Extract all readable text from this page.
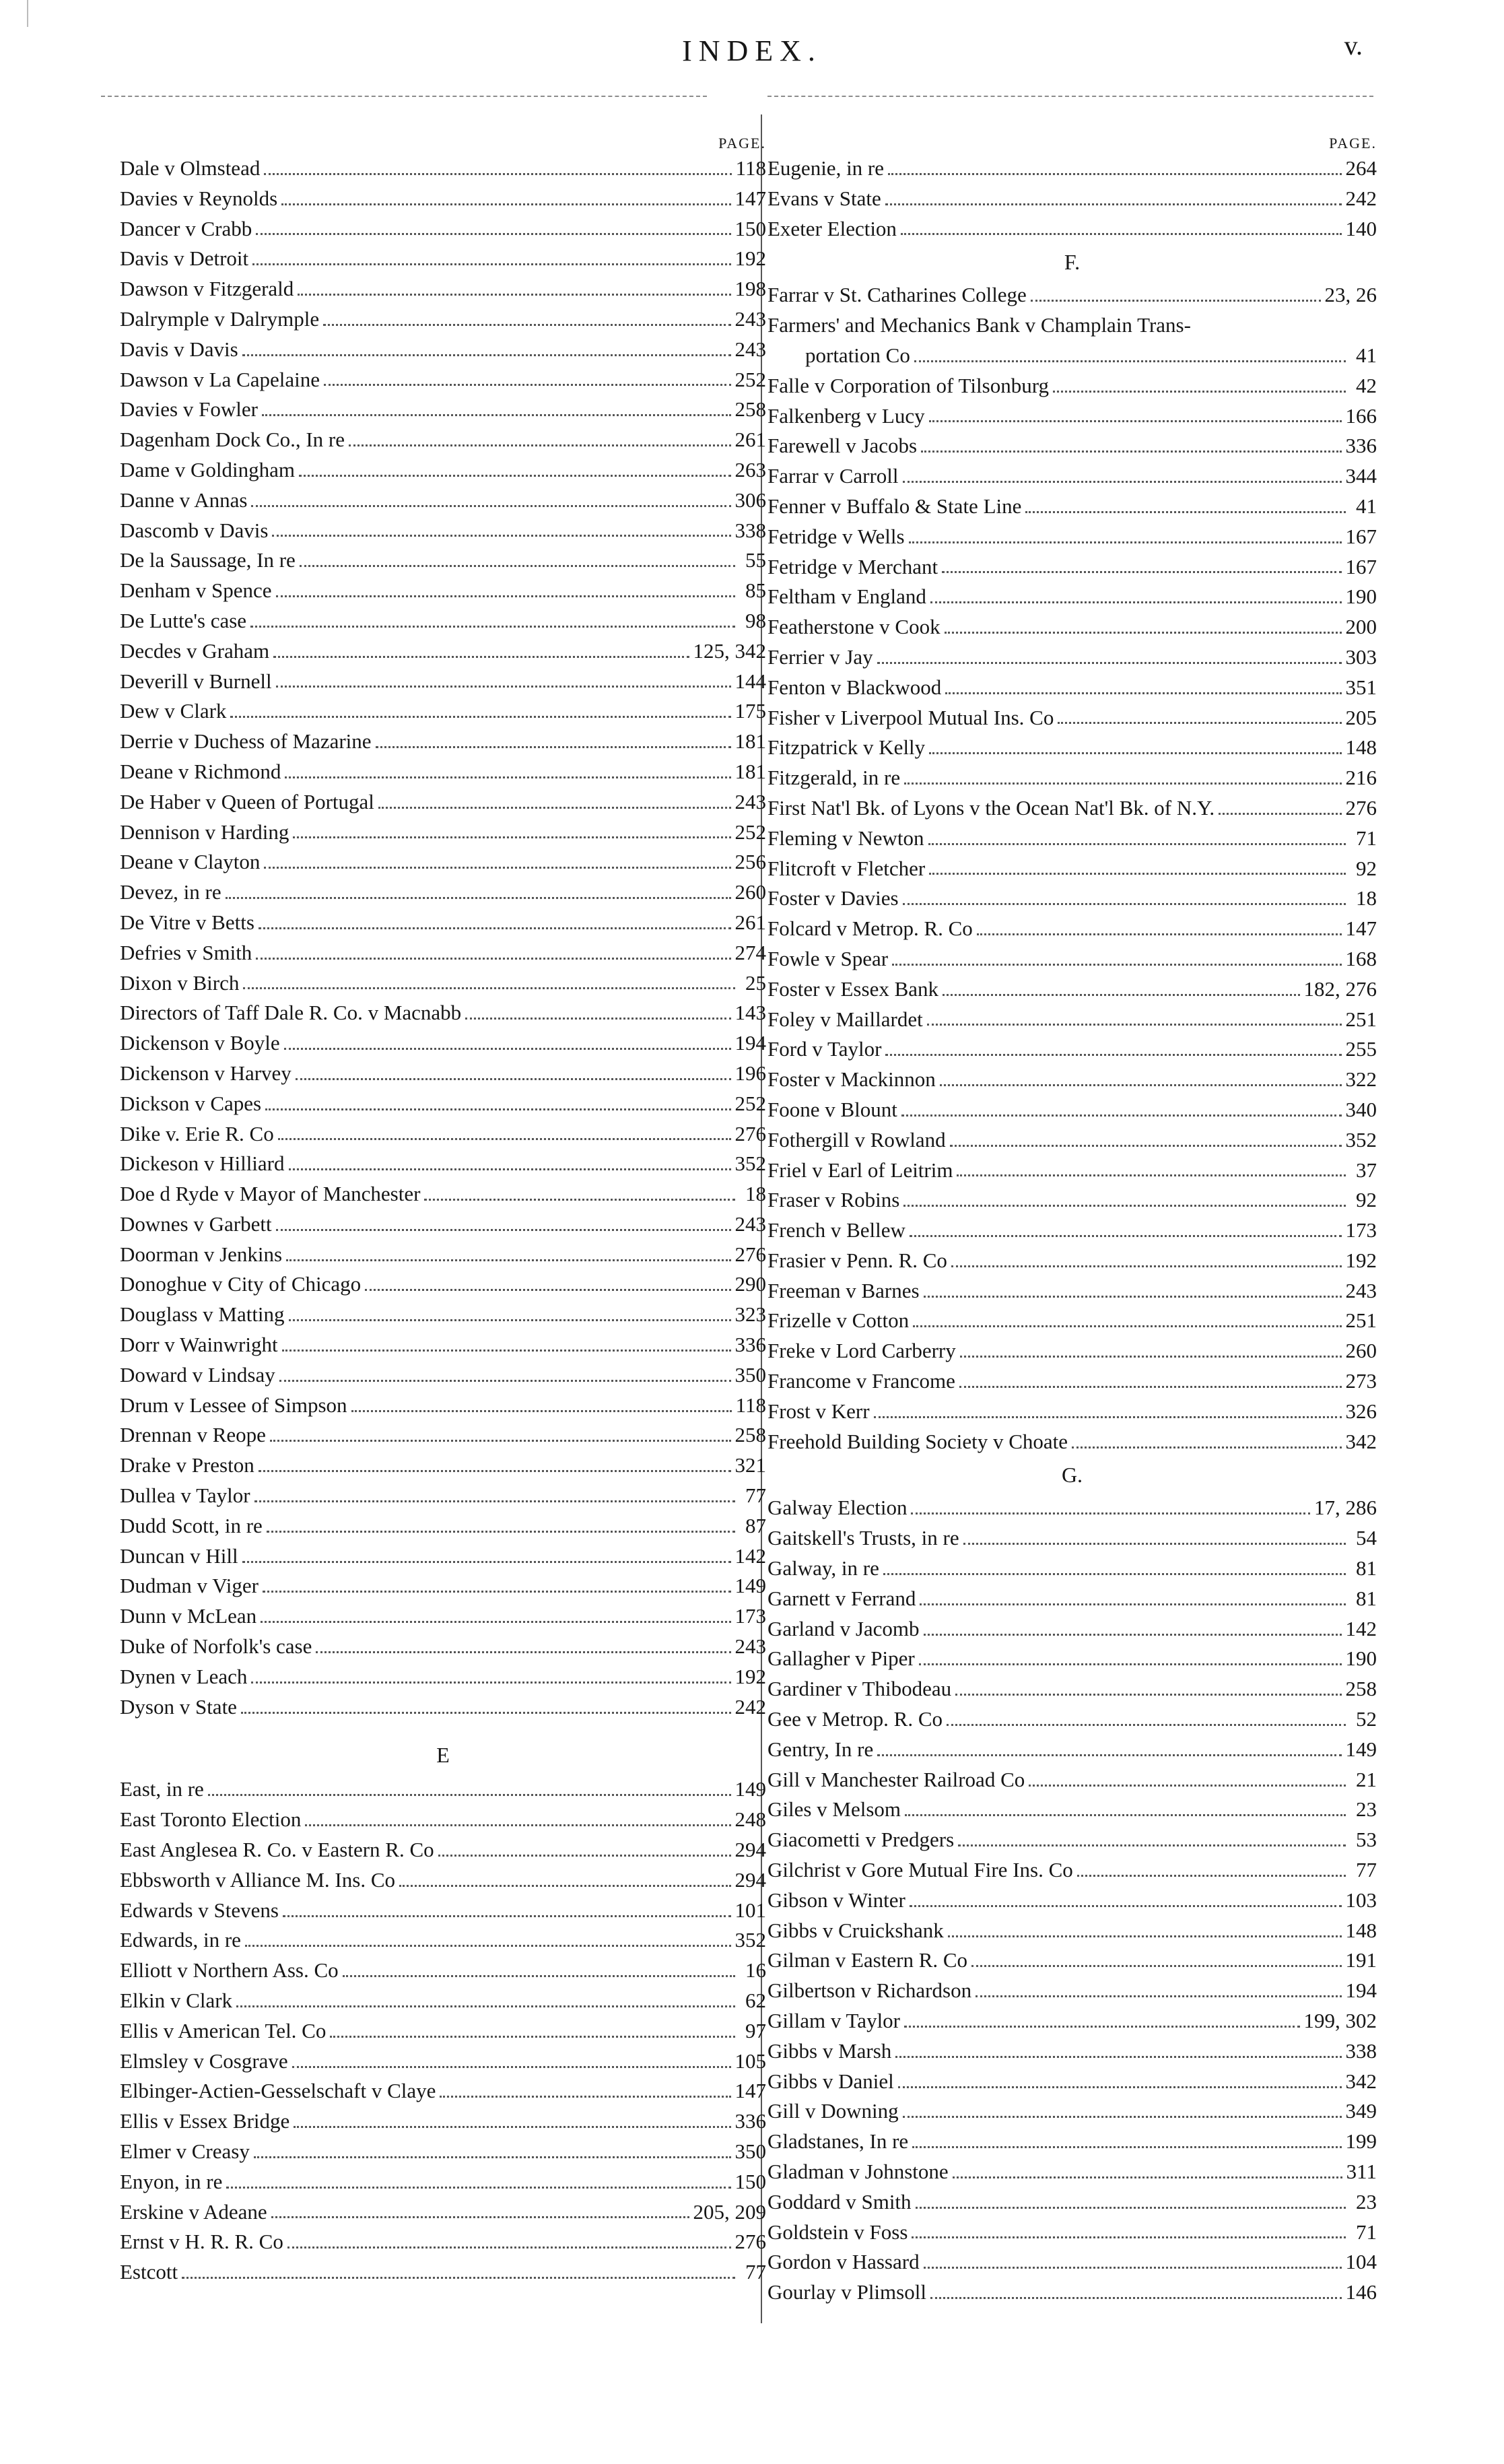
INDEX.	v.
PAGE.
Dale v Olmstead	118
Davies v Reynolds	147
Dancer v Crabb	150
Davis v Detroit	192
Dawson v Fitzgerald	198
Dalrymple v Dalrymple	243
Davis v Davis	243
Dawson v La Capelaine	252
Davies v Fowler	258
Dagenham Dock Co., In re	261
Dame v Goldingham	263
Danne v Annas	306
Dascomb v Davis	338
De la Saussage, In re	55
Denham v Spence	85
De Lutte's case	98
Decdes v Graham	125, 342
Deverill v Burnell	144
Dew v Clark	175
Derrie v Duchess of Mazarine	181
Deane v Richmond	181
De Haber v Queen of Portugal	243
Dennison v Harding	252
Deane v Clayton	256
Devez, in re	260
De Vitre v Betts	261
Defries v Smith	274
Dixon v Birch	25
Directors of Taff Dale R. Co. v Macnabb	143
Dickenson v Boyle	194
Dickenson v Harvey	196
Dickson v Capes	252
Dike v. Erie R. Co	276
Dickeson v Hilliard	352
Doe d Ryde v Mayor of Manchester	18
Downes v Garbett	243
Doorman v Jenkins	276
Donoghue v City of Chicago	290
Douglass v Matting	323
Dorr v Wainwright	336
Doward v Lindsay	350
Drum v Lessee of Simpson	118
Drennan v Reope	258
Drake v Preston	321
Dullea v Taylor	77
Dudd Scott, in re	87
Duncan v Hill	142
Dudman v Viger	149
Dunn v McLean	173
Duke of Norfolk's case	243
Dynen v Leach	192
Dyson v State	242
E
East, in re	149
East Toronto Election	248
East Anglesea R. Co. v Eastern R. Co	294
Ebbsworth v Alliance M. Ins. Co	294
Edwards v Stevens	101
Edwards, in re	352
Elliott v Northern Ass. Co	16
Elkin v Clark	62
Ellis v American Tel. Co	97
Elmsley v Cosgrave	105
Elbinger-Actien-Gesselschaft v Claye	147
Ellis v Essex Bridge	336
Elmer v Creasy	350
Enyon, in re	150
Erskine v Adeane	205, 209
Ernst v H. R. R. Co	276
Estcott	77
PAGE.
Eugenie, in re	264
Evans v State	242
Exeter Election	140
F.
Farrar v St. Catharines College	23, 26
Farmers' and Mechanics Bank v Champlain Trans-
portation Co	41
Falle v Corporation of Tilsonburg	42
Falkenberg v Lucy	166
Farewell v Jacobs	336
Farrar v Carroll	344
Fenner v Buffalo & State Line	41
Fetridge v Wells	167
Fetridge v Merchant	167
Feltham v England	190
Featherstone v Cook	200
Ferrier v Jay	303
Fenton v Blackwood	351
Fisher v Liverpool Mutual Ins. Co	205
Fitzpatrick v Kelly	148
Fitzgerald, in re	216
First Nat'l Bk. of Lyons v the Ocean Nat'l Bk. of N.Y.	276
Fleming v Newton	71
Flitcroft v Fletcher	92
Foster v Davies	18
Folcard v Metrop. R. Co	147
Fowle v Spear	168
Foster v Essex Bank	182, 276
Foley v Maillardet	251
Ford v Taylor	255
Foster v Mackinnon	322
Foone v Blount	340
Fothergill v Rowland	352
Friel v Earl of Leitrim	37
Fraser v Robins	92
French v Bellew	173
Frasier v Penn. R. Co	192
Freeman v Barnes	243
Frizelle v Cotton	251
Freke v Lord Carberry	260
Francome v Francome	273
Frost v Kerr	326
Freehold Building Society v Choate	342
G.
Galway Election	17, 286
Gaitskell's Trusts, in re	54
Galway, in re	81
Garnett v Ferrand	81
Garland v Jacomb	142
Gallagher v Piper	190
Gardiner v Thibodeau	258
Gee v Metrop. R. Co	52
Gentry, In re	149
Gill v Manchester Railroad Co	21
Giles v Melsom	23
Giacometti v Predgers	53
Gilchrist v Gore Mutual Fire Ins. Co	77
Gibson v Winter	103
Gibbs v Cruickshank	148
Gilman v Eastern R. Co	191
Gilbertson v Richardson	194
Gillam v Taylor	199, 302
Gibbs v Marsh	338
Gibbs v Daniel	342
Gill v Downing	349
Gladstanes, In re	199
Gladman v Johnstone	311
Goddard v Smith	23
Goldstein v Foss	71
Gordon v Hassard	104
Gourlay v Plimsoll	146
